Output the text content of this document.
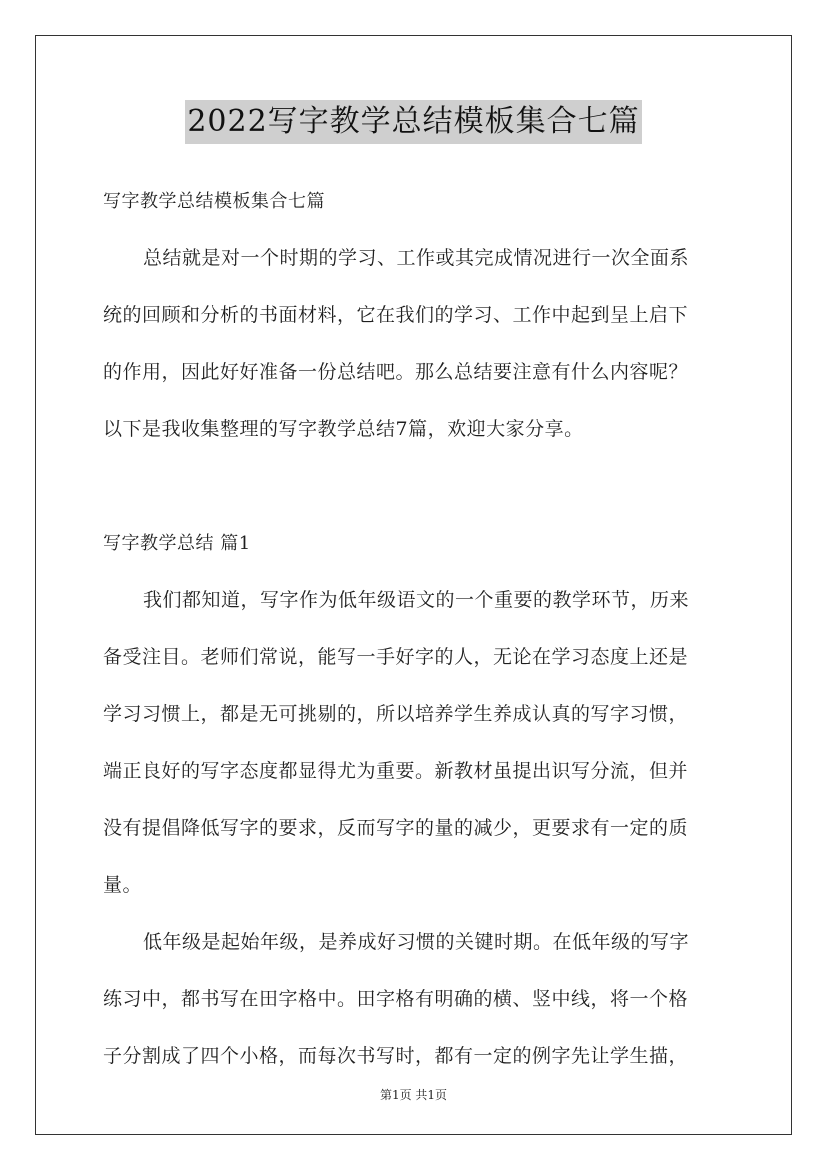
2022写字教学总结模板集合七篇
写字教学总结模板集合七篇
总结就是对一个时期的学习、工作或其完成情况进行一次全面系
统的回顾和分析的书面材料，它在我们的学习、工作中起到呈上启下
的作用，因此好好准备一份总结吧。那么总结要注意有什么内容呢？
以下是我收集整理的写字教学总结7篇，欢迎大家分享。
写字教学总结 篇1
我们都知道，写字作为低年级语文的一个重要的教学环节，历来
备受注目。老师们常说，能写一手好字的人，无论在学习态度上还是
学习习惯上，都是无可挑剔的，所以培养学生养成认真的写字习惯，
端正良好的写字态度都显得尤为重要。新教材虽提出识写分流，但并
没有提倡降低写字的要求，反而写字的量的减少，更要求有一定的质
量。
低年级是起始年级，是养成好习惯的关键时期。在低年级的写字
练习中，都书写在田字格中。田字格有明确的横、竖中线，将一个格
子分割成了四个小格，而每次书写时，都有一定的例字先让学生描，
第1页 共1页
